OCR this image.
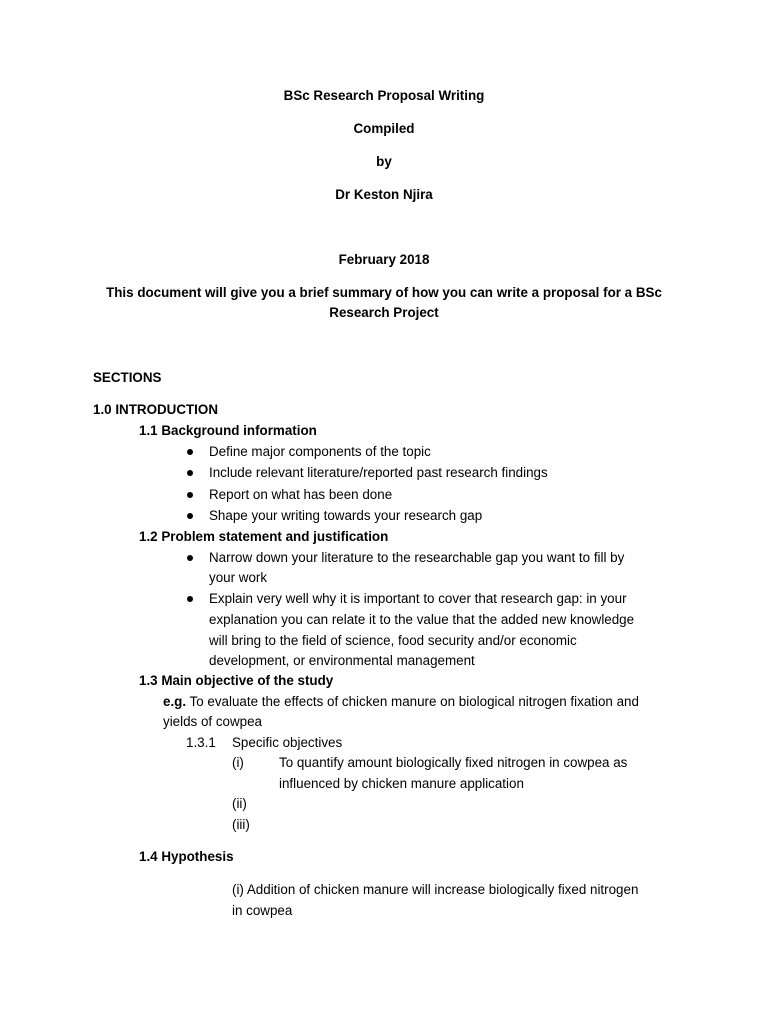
BSc Research Proposal Writing
Compiled
by
Dr Keston Njira
February 2018
This document will give you a brief summary of how you can write a proposal for a BSc
Research Project
SECTIONS
1.0 INTRODUCTION
1.1 Background information
Define major components of the topic
Include relevant literature/reported past research findings
Report on what has been done
Shape your writing towards your research gap
1.2 Problem statement and justification
Narrow down your literature to the researchable gap you want to fill by
your work
Explain very well why it is important to cover that research gap: in your
explanation you can relate it to the value that the added new knowledge
will bring to the field of science, food security and/or economic
development, or environmental management
1.3 Main objective of the study
e.g. To evaluate the effects of chicken manure on biological nitrogen fixation and
yields of cowpea
1.3.1 Specific objectives
(i)	To quantify amount biologically fixed nitrogen in cowpea as
influenced by chicken manure application
(ii)
(iii)
1.4 Hypothesis
(i) Addition of chicken manure will increase biologically fixed nitrogen
in cowpea
